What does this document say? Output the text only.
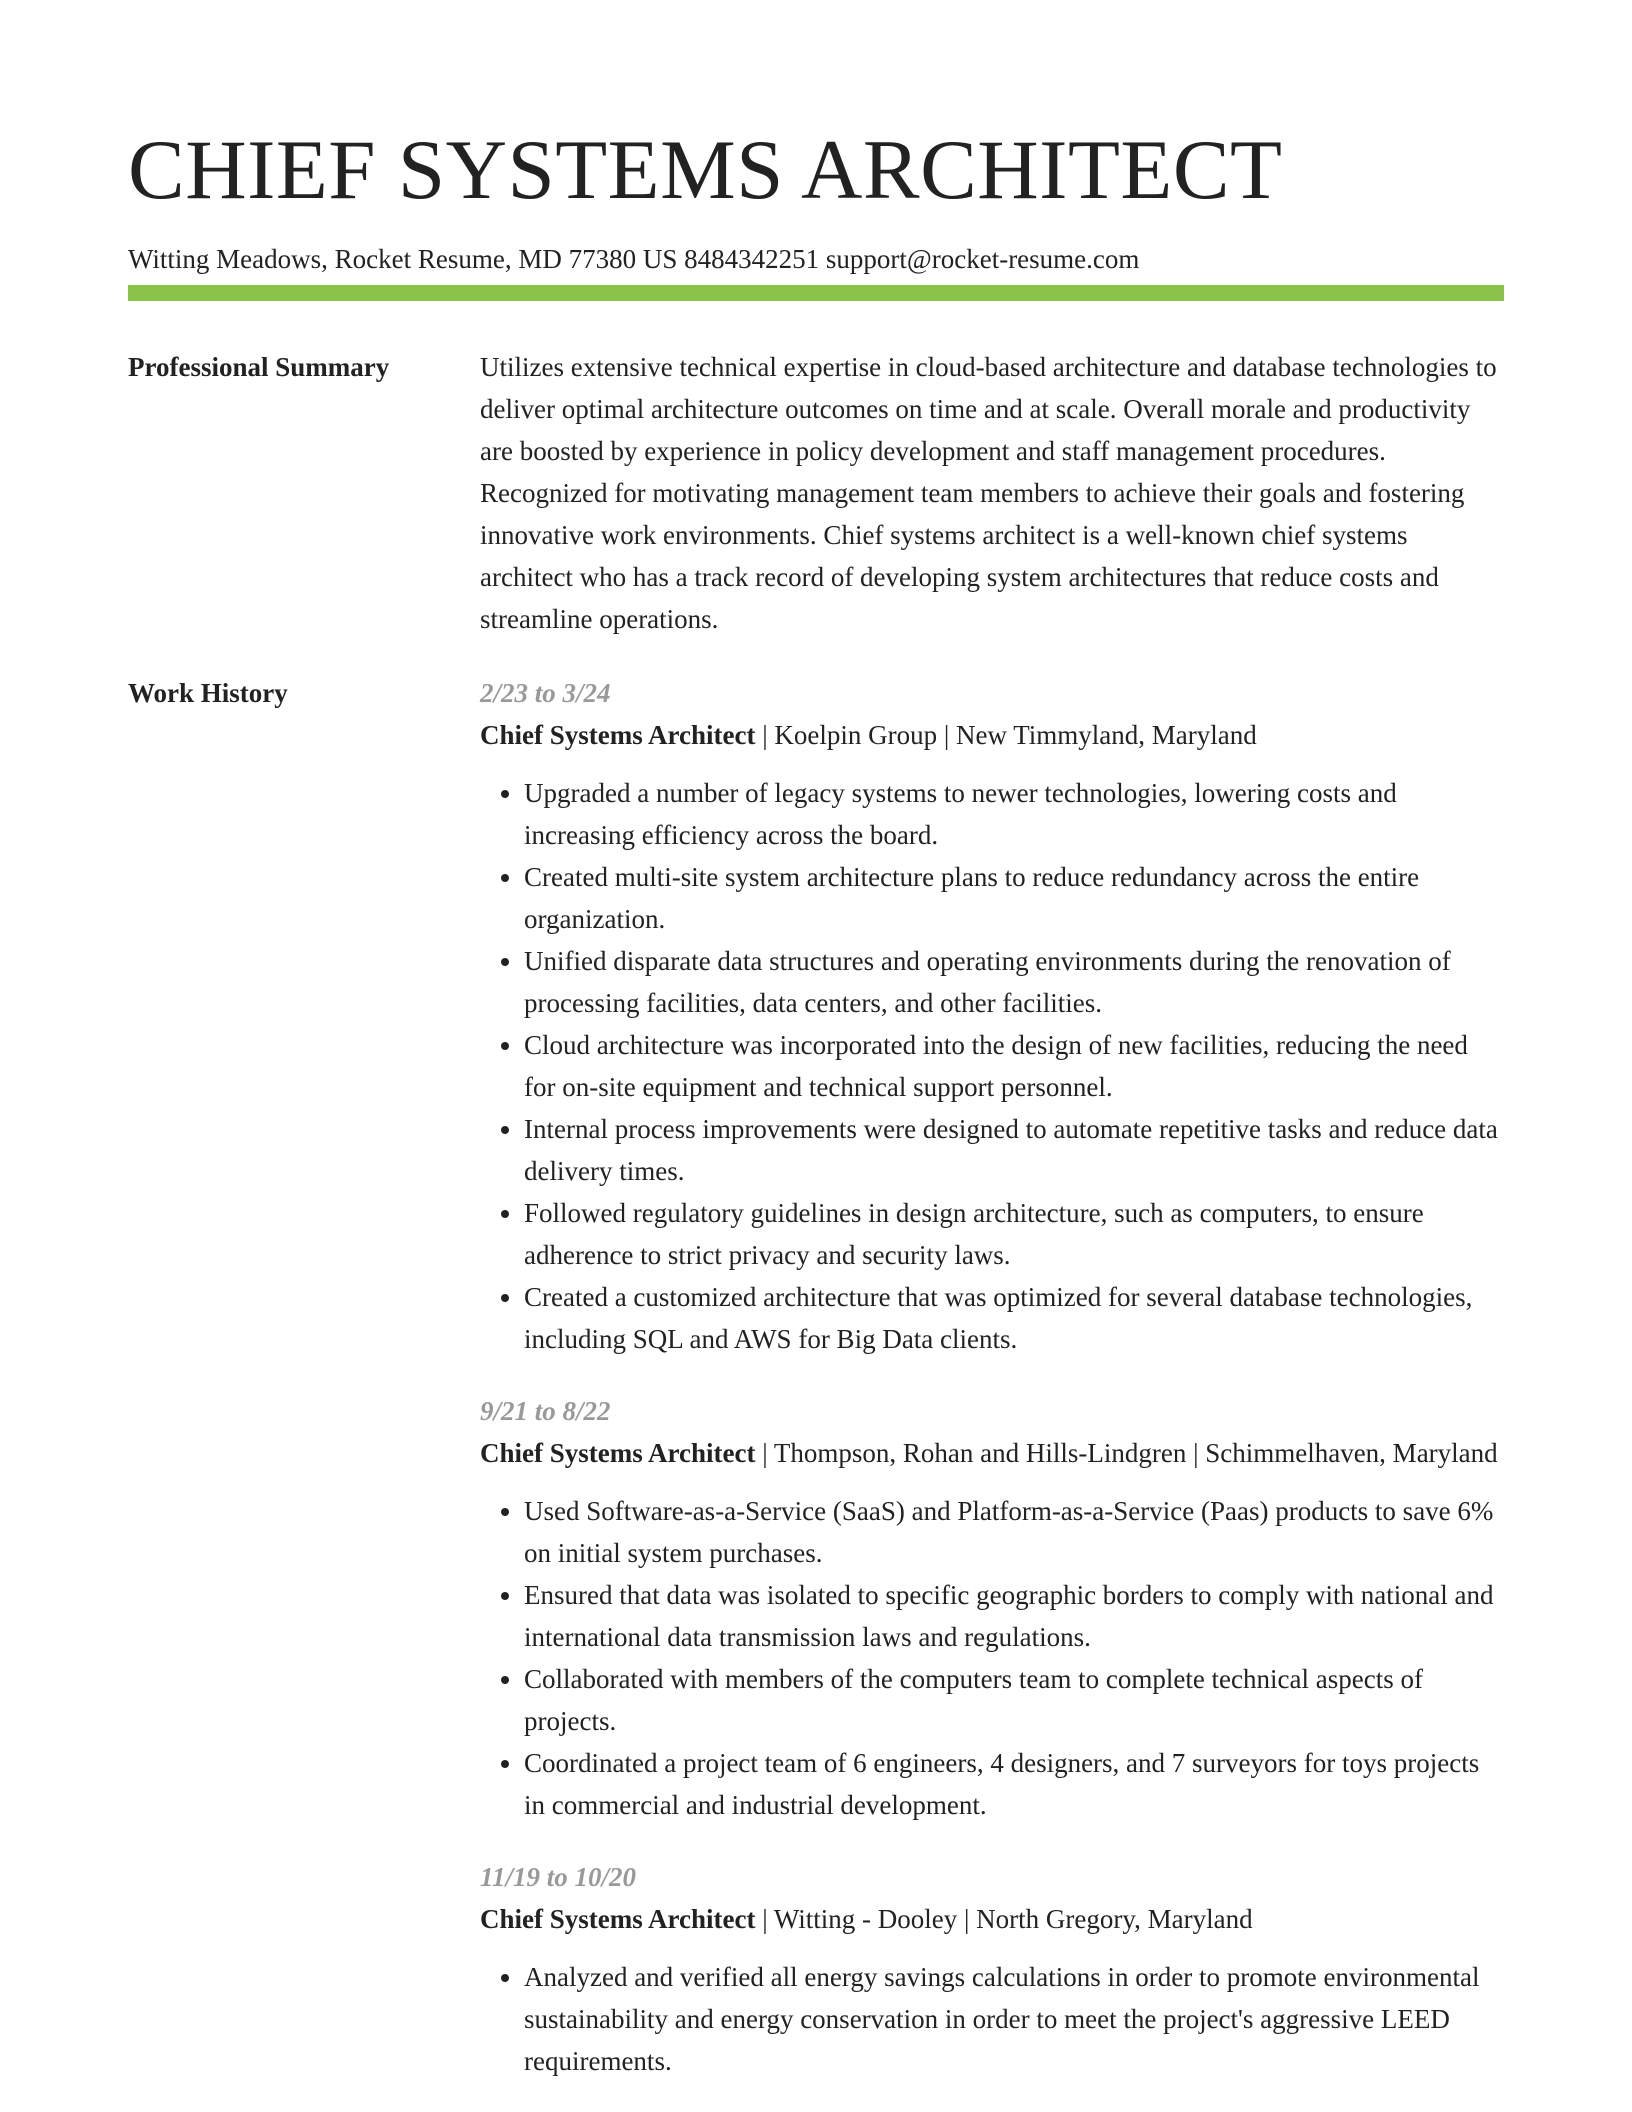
CHIEF SYSTEMS ARCHITECT
Witting Meadows, Rocket Resume, MD 77380 US 8484342251 support@rocket-resume.com
Professional Summary	Utilizes extensive technical expertise in cloud-based architecture and database technologies to deliver optimal architecture outcomes on time and at scale. Overall morale and productivity are boosted by experience in policy development and staff management procedures. Recognized for motivating management team members to achieve their goals and fostering innovative work environments. Chief systems architect is a well-known chief systems architect who has a track record of developing system architectures that reduce costs and streamline operations.

Work History	2/23 to 3/24
Chief Systems Architect | Koelpin Group | New Timmyland, Maryland
• Upgraded a number of legacy systems to newer technologies, lowering costs and increasing efficiency across the board.
• Created multi-site system architecture plans to reduce redundancy across the entire organization.
• Unified disparate data structures and operating environments during the renovation of processing facilities, data centers, and other facilities.
• Cloud architecture was incorporated into the design of new facilities, reducing the need for on-site equipment and technical support personnel.
• Internal process improvements were designed to automate repetitive tasks and reduce data delivery times.
• Followed regulatory guidelines in design architecture, such as computers, to ensure adherence to strict privacy and security laws.
• Created a customized architecture that was optimized for several database technologies, including SQL and AWS for Big Data clients.
9/21 to 8/22
Chief Systems Architect | Thompson, Rohan and Hills-Lindgren | Schimmelhaven, Maryland
• Used Software-as-a-Service (SaaS) and Platform-as-a-Service (Paas) products to save 6% on initial system purchases.
• Ensured that data was isolated to specific geographic borders to comply with national and international data transmission laws and regulations.
• Collaborated with members of the computers team to complete technical aspects of projects.
• Coordinated a project team of 6 engineers, 4 designers, and 7 surveyors for toys projects in commercial and industrial development.
11/19 to 10/20
Chief Systems Architect | Witting - Dooley | North Gregory, Maryland
• Analyzed and verified all energy savings calculations in order to promote environmental sustainability and energy conservation in order to meet the project's aggressive LEED requirements.
